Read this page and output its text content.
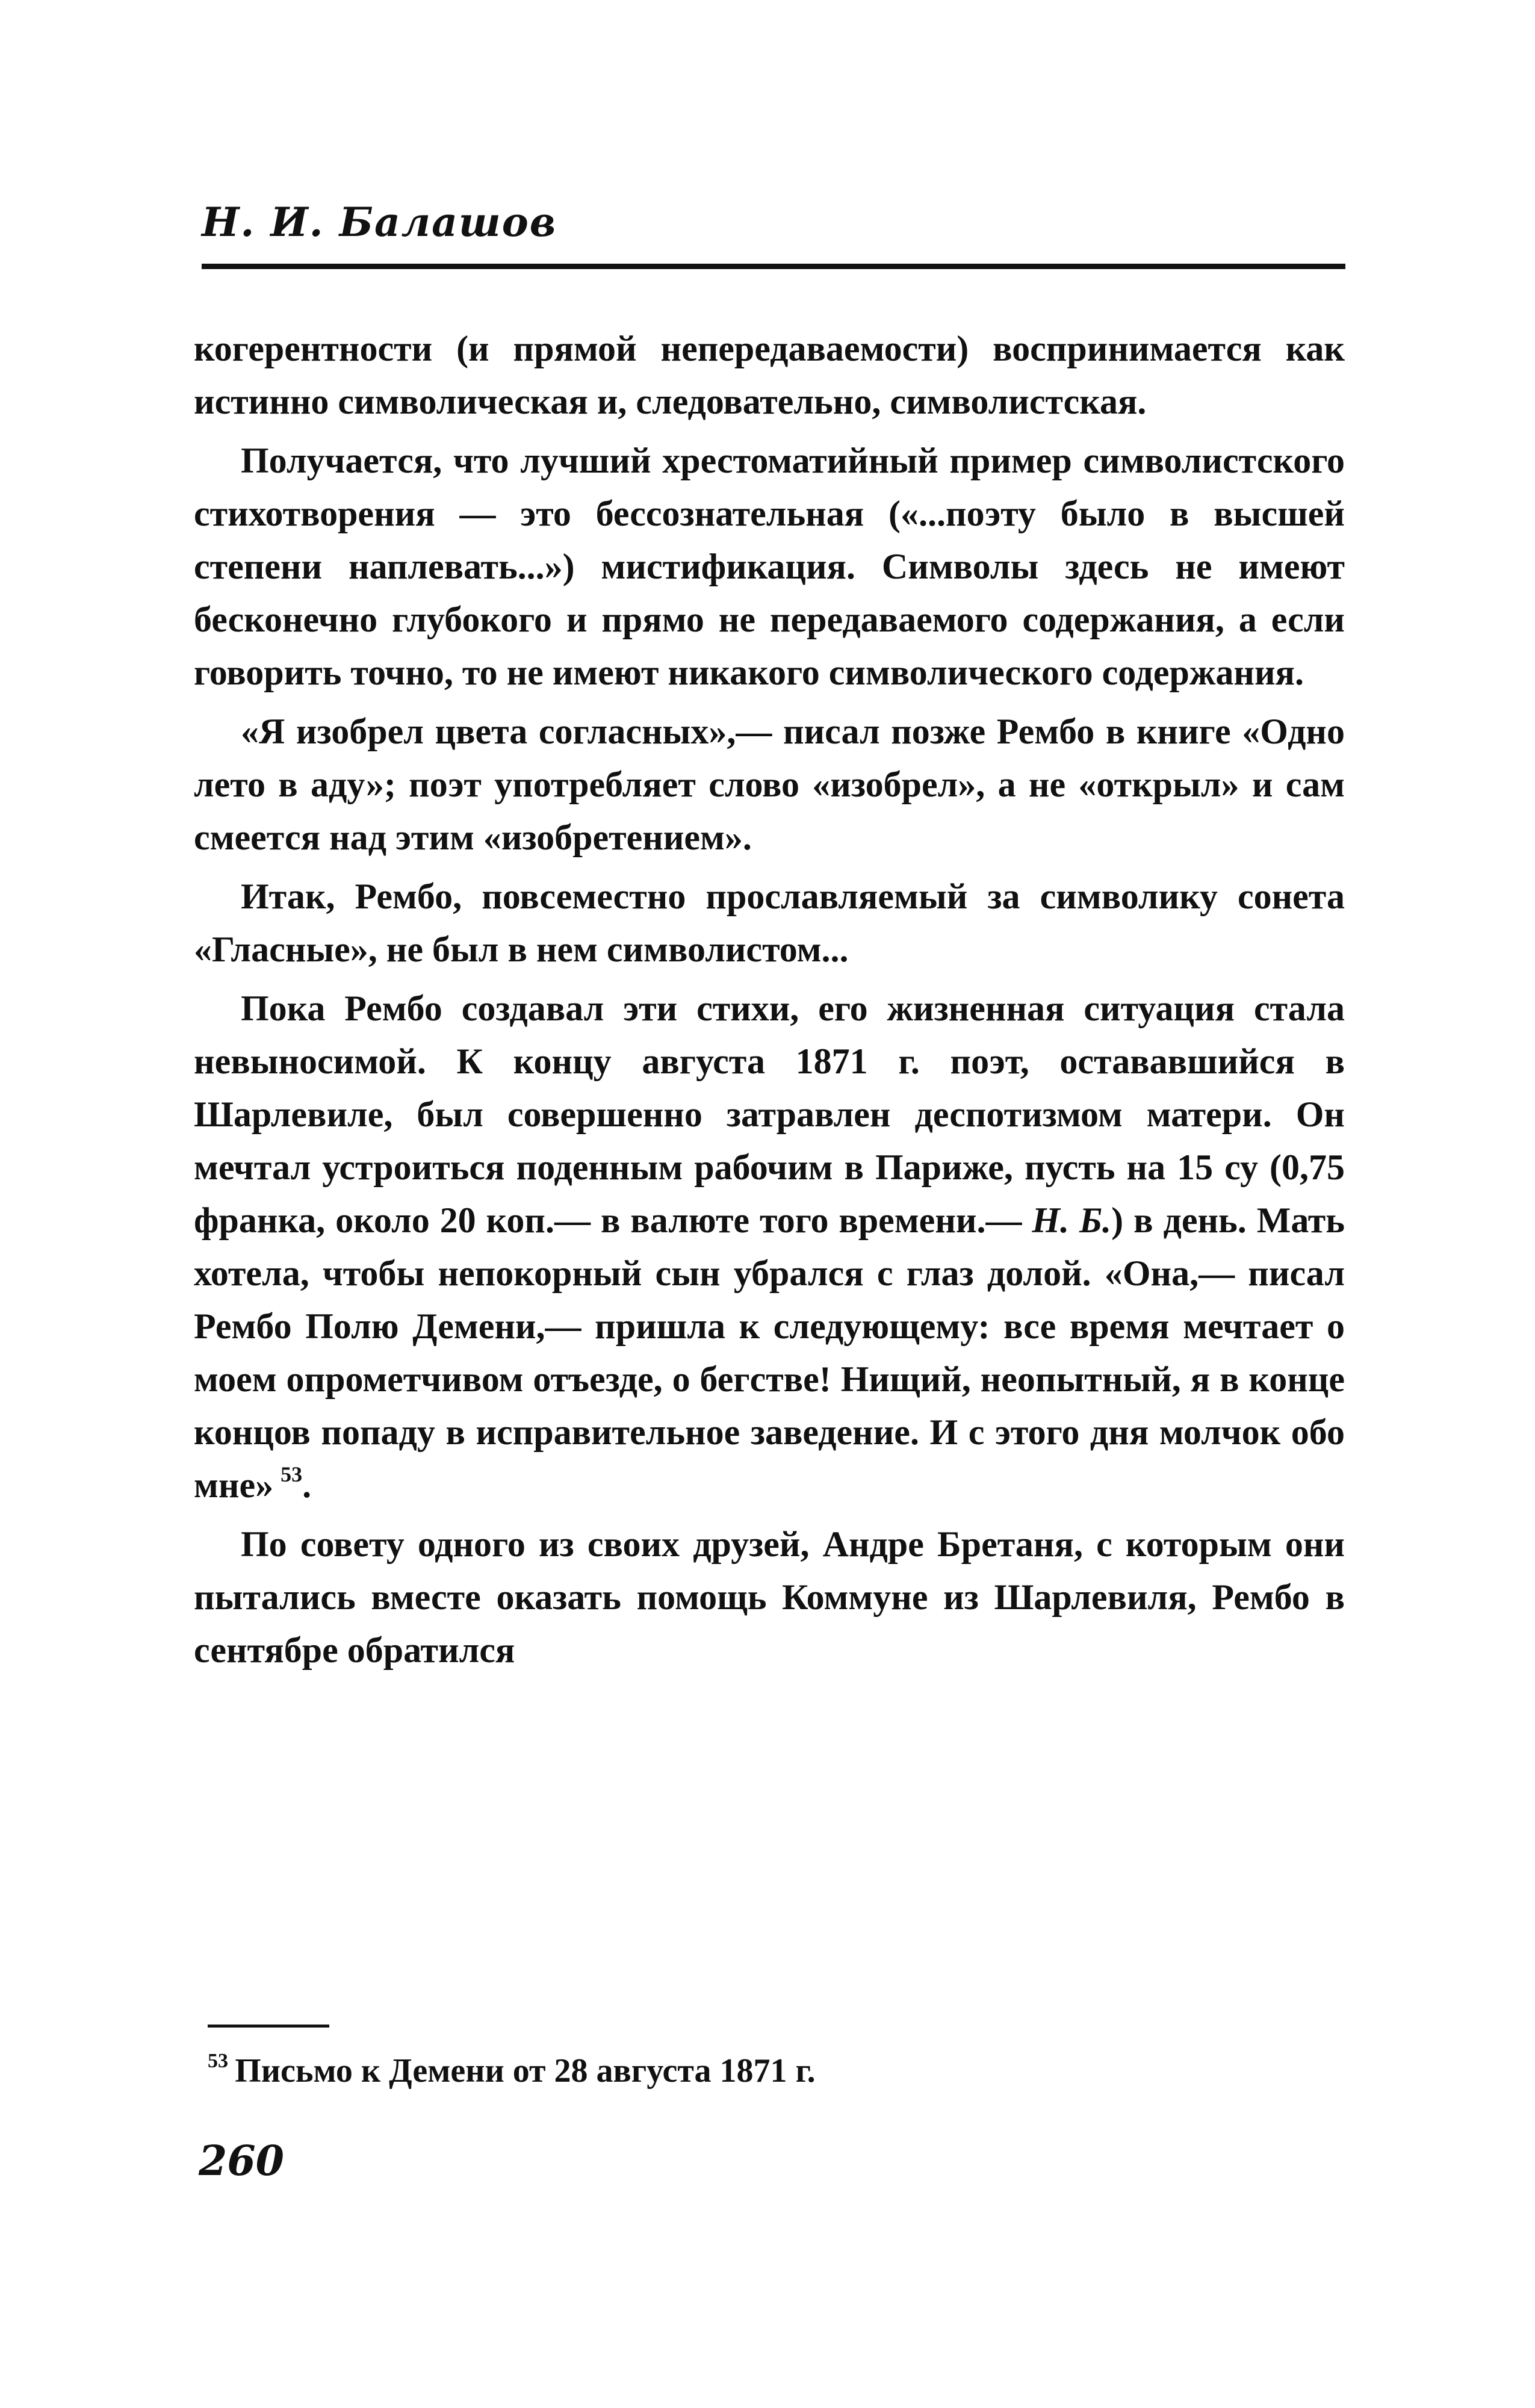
Н. И. Балашов

когерентности (и прямой непередаваемости) воспринимается как истинно символическая и, следовательно, символистская.

Получается, что лучший хрестоматийный пример символистского стихотворения — это бессознательная («...поэту было в высшей степени наплевать...») мистификация. Символы здесь не имеют бесконечно глубокого и прямо не передаваемого содержания, а если говорить точно, то не имеют никакого символического содержания.

«Я изобрел цвета согласных»,— писал позже Рембо в книге «Одно лето в аду»; поэт употребляет слово «изобрел», а не «открыл» и сам смеется над этим «изобретением».

Итак, Рембо, повсеместно прославляемый за символику сонета «Гласные», не был в нем символистом...

Пока Рембо создавал эти стихи, его жизненная ситуация стала невыносимой. К концу августа 1871 г. поэт, остававшийся в Шарлевиле, был совершенно затравлен деспотизмом матери. Он мечтал устроиться поденным рабочим в Париже, пусть на 15 су (0,75 франка, около 20 коп.— в валюте того времени.— Н. Б.) в день. Мать хотела, чтобы непокорный сын убрался с глаз долой. «Она,— писал Рембо Полю Демени,— пришла к следующему: все время мечтает о моем опрометчивом отъезде, о бегстве! Нищий, неопытный, я в конце концов попаду в исправительное заведение. И с этого дня молчок обо мне»  $^{53}$.

По совету одного из своих друзей, Андре Бретаня, с которым они пытались вместе оказать помощь Коммуне из Шарлевиля, Рембо в сентябре обратился

$^{53}$  Письмо к Демени от 28 августа 1871 г.
260
